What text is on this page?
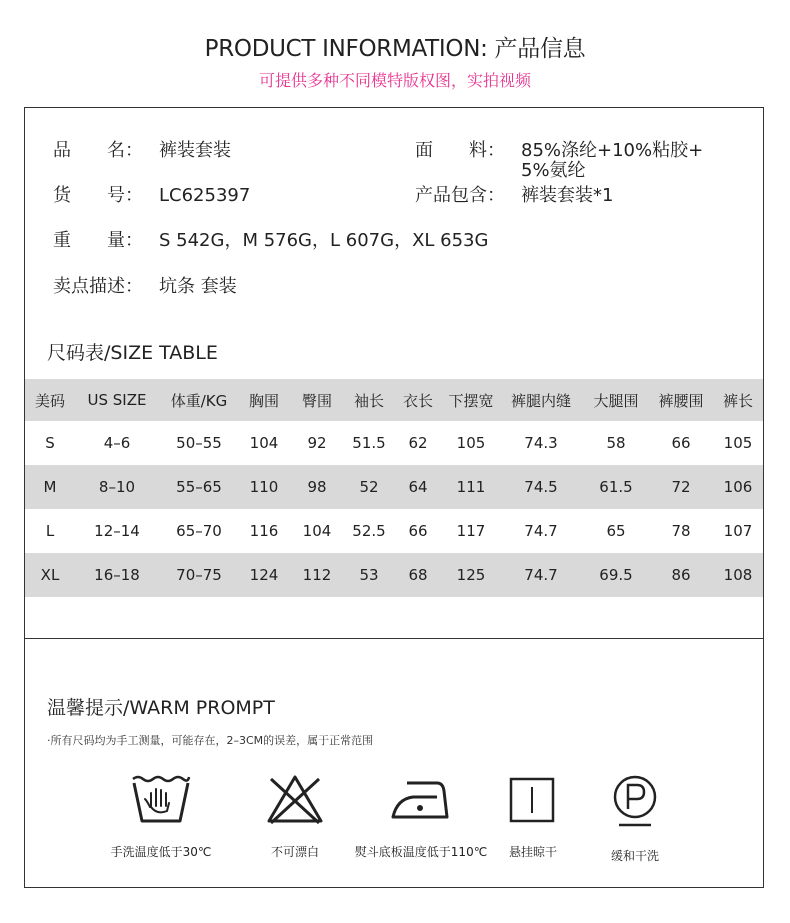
PRODUCT INFORMATION: 产品信息
可提供多种不同模特版权图，实拍视频
品　　名： 裤装套装	面　　料： 85%涤纶+10%粘胶+
5%氨纶
货　　号： LC625397	产品包含： 裤装套装*1
重　　量： S 542G，M 576G，L 607G，XL 653G
卖点描述： 坑条 套装
尺码表/SIZE TABLE
美码	US SIZE	体重/KG	胸围	臀围	袖长	衣长	下摆宽	裤腿内缝	大腿围	裤腰围	裤长
S	4–6	50–55	104	92	51.5	62	105	74.3	58	66	105
M	8–10	55–65	110	98	52	64	111	74.5	61.5	72	106
L	12–14	65–70	116	104	52.5	66	117	74.7	65	78	107
XL	16–18	70–75	124	112	53	68	125	74.7	69.5	86	108
温馨提示/WARM PROMPT
·所有尺码均为手工测量，可能存在，2–3CM的误差，属于正常范围
手洗温度低于30℃	不可漂白	熨斗底板温度低于110℃	悬挂晾干	缓和干洗
